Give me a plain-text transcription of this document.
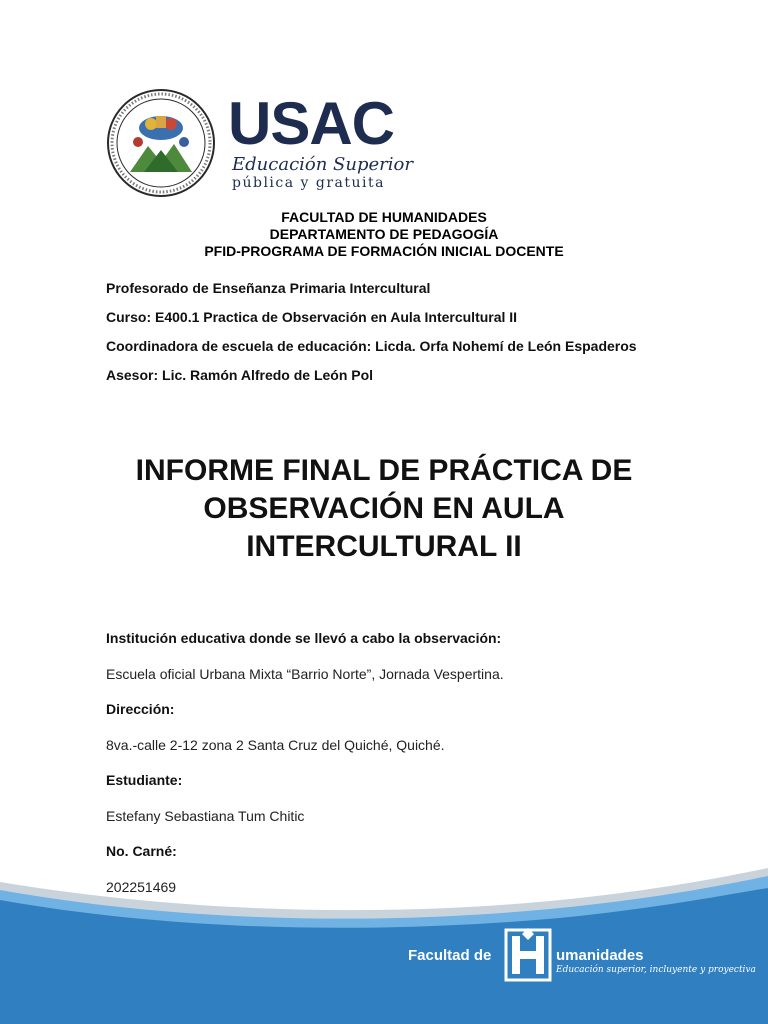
USAC
Educación Superior
pública y gratuita
FACULTAD DE HUMANIDADES
DEPARTAMENTO DE PEDAGOGÍA
PFID-PROGRAMA DE FORMACIÓN INICIAL DOCENTE
Profesorado de Enseñanza Primaria Intercultural
Curso: E400.1 Practica de Observación en Aula Intercultural II
Coordinadora de escuela de educación: Licda. Orfa Nohemí de León Espaderos
Asesor: Lic. Ramón Alfredo de León Pol
INFORME FINAL DE PRÁCTICA DE
OBSERVACIÓN EN AULA
INTERCULTURAL II
Institución educativa donde se llevó a cabo la observación:
Escuela oficial Urbana Mixta “Barrio Norte”, Jornada Vespertina.
Dirección:
8va.-calle 2-12 zona 2 Santa Cruz del Quiché, Quiché.
Estudiante:
Estefany Sebastiana Tum Chitic
No. Carné:
202251469
Facultad de	umanidades
Educación superior, incluyente y proyectiva
